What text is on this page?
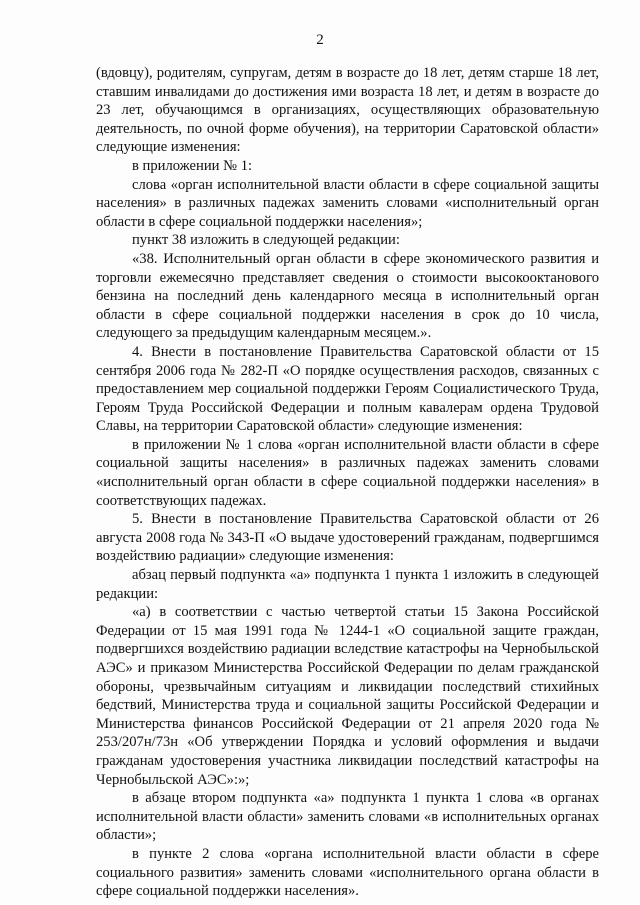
2

(вдовцу), родителям, супругам, детям в возрасте до 18 лет, детям старше 18 лет, ставшим инвалидами до достижения ими возраста 18 лет, и детям в возрасте до 23 лет, обучающимся в организациях, осуществляющих образовательную деятельность, по очной форме обучения), на территории Саратовской области» следующие изменения:

в приложении № 1:

слова «орган исполнительной власти области в сфере социальной защиты населения» в различных падежах заменить словами «исполнительный орган области в сфере социальной поддержки населения»;

пункт 38 изложить в следующей редакции:

«38. Исполнительный орган области в сфере экономического развития и торговли ежемесячно представляет сведения о стоимости высокооктанового бензина на последний день календарного месяца в исполнительный орган области в сфере социальной поддержки населения в срок до 10 числа, следующего за предыдущим календарным месяцем.».

4. Внести в постановление Правительства Саратовской области от 15 сентября 2006 года № 282-П «О порядке осуществления расходов, связанных с предоставлением мер социальной поддержки Героям Социалистического Труда, Героям Труда Российской Федерации и полным кавалерам ордена Трудовой Славы, на территории Саратовской области» следующие изменения:

в приложении № 1 слова «орган исполнительной власти области в сфере социальной защиты населения» в различных падежах заменить словами «исполнительный орган области в сфере социальной поддержки населения» в соответствующих падежах.

5. Внести в постановление Правительства Саратовской области от 26 августа 2008 года № 343-П «О выдаче удостоверений гражданам, подвергшимся воздействию радиации» следующие изменения:

абзац первый подпункта «а» подпункта 1 пункта 1 изложить в следующей редакции:

«а) в соответствии с частью четвертой статьи 15 Закона Российской Федерации от 15 мая 1991 года № 1244-1 «О социальной защите граждан, подвергшихся воздействию радиации вследствие катастрофы на Чернобыльской АЭС» и приказом Министерства Российской Федерации по делам гражданской обороны, чрезвычайным ситуациям и ликвидации последствий стихийных бедствий, Министерства труда и социальной защиты Российской Федерации и Министерства финансов Российской Федерации от 21 апреля 2020 года № 253/207н/73н «Об утверждении Порядка и условий оформления и выдачи гражданам удостоверения участника ликвидации последствий катастрофы на Чернобыльской АЭС»:»;

в абзаце втором подпункта «а» подпункта 1 пункта 1 слова «в органах исполнительной власти области» заменить словами «в исполнительных органах области»;

в пункте 2 слова «органа исполнительной власти области в сфере социального развития» заменить словами «исполнительного органа области в сфере социальной поддержки населения».
